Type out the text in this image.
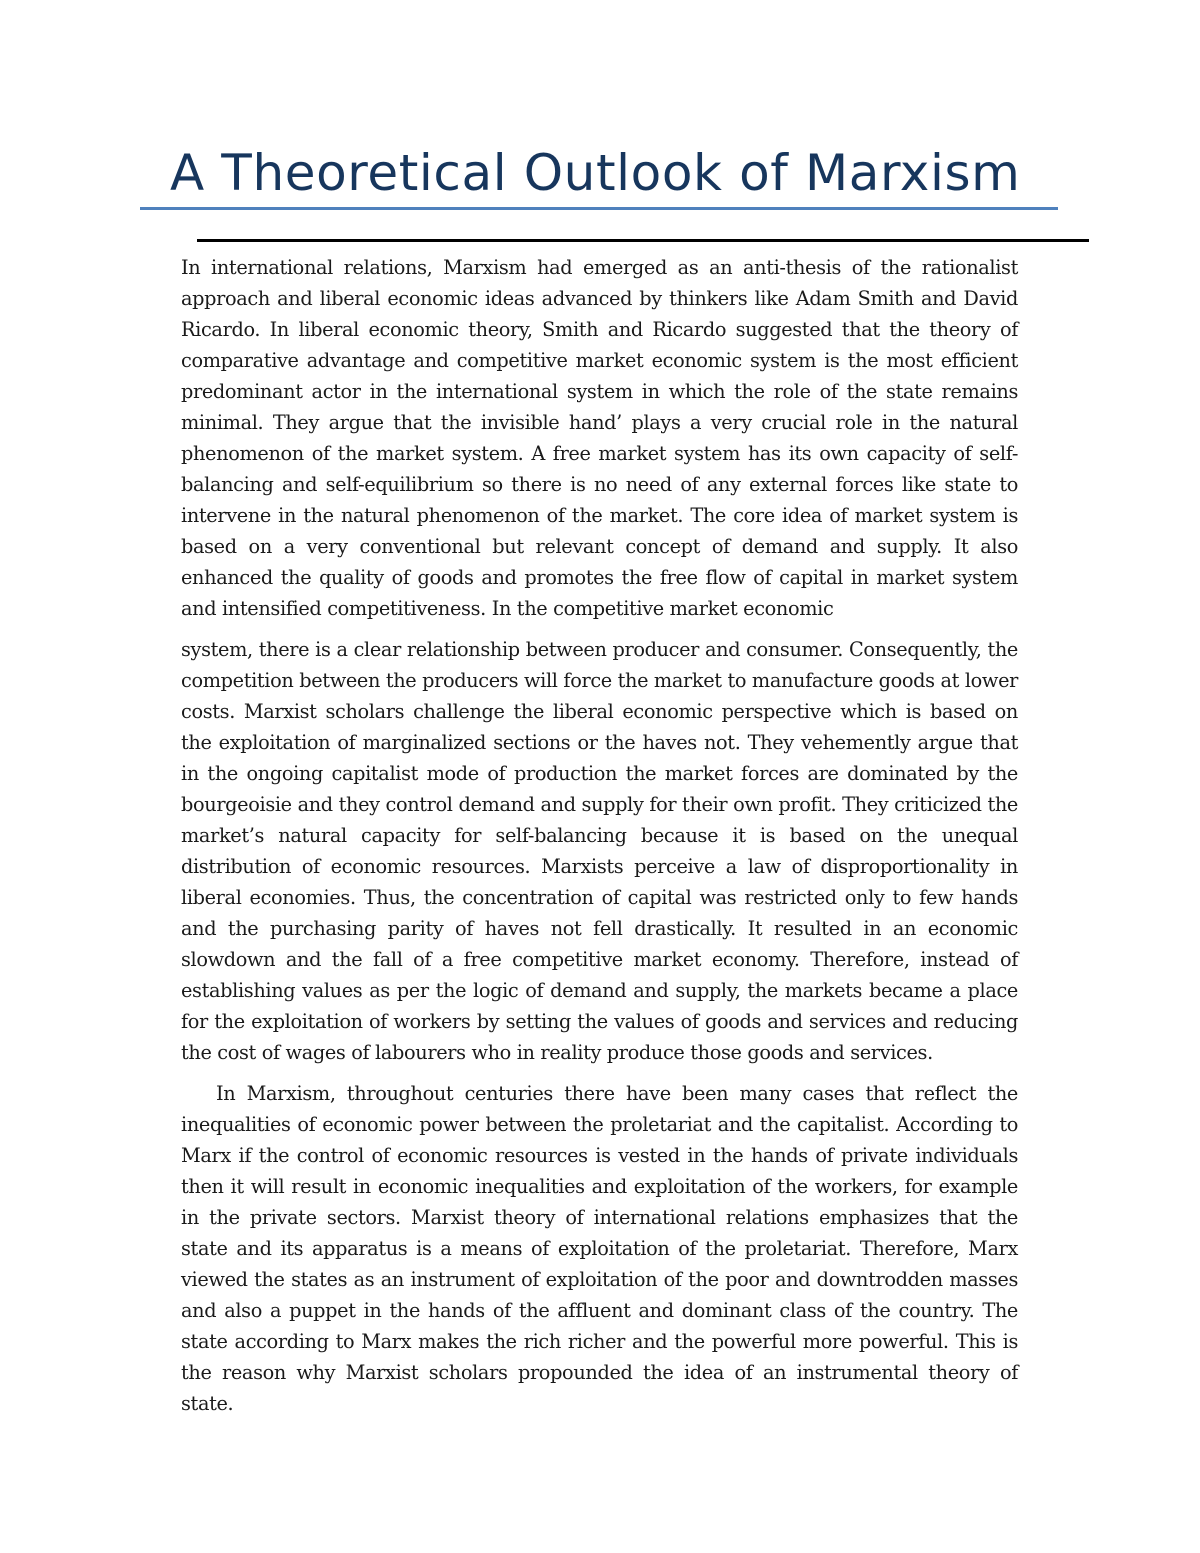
A Theoretical Outlook of Marxism

In international relations, Marxism had emerged as an anti-thesis of the rationalist approach and liberal economic ideas advanced by thinkers like Adam Smith and David Ricardo. In liberal economic theory, Smith and Ricardo suggested that the theory of comparative advantage and competitive market economic system is the most efficient predominant actor in the international system in which the role of the state remains minimal. They argue that the invisible hand’ plays a very crucial role in the natural phenomenon of the market system. A free market system has its own capacity of self-balancing and self-equilibrium so there is no need of any external forces like state to intervene in the natural phenomenon of the market. The core idea of market system is based on a very conventional but relevant concept of demand and supply. It also enhanced the quality of goods and promotes the free flow of capital in market system and intensified competitiveness. In the competitive market economic

system, there is a clear relationship between producer and consumer. Consequently, the competition between the producers will force the market to manufacture goods at lower costs. Marxist scholars challenge the liberal economic perspective which is based on the exploitation of marginalized sections or the haves not. They vehemently argue that in the ongoing capitalist mode of production the market forces are dominated by the bourgeoisie and they control demand and supply for their own profit. They criticized the market’s natural capacity for self-balancing because it is based on the unequal distribution of economic resources. Marxists perceive a law of disproportionality in liberal economies. Thus, the concentration of capital was restricted only to few hands and the purchasing parity of haves not fell drastically. It resulted in an economic slowdown and the fall of a free competitive market economy. Therefore, instead of establishing values as per the logic of demand and supply, the markets became a place for the exploitation of workers by setting the values of goods and services and reducing the cost of wages of labourers who in reality produce those goods and services.

In Marxism, throughout centuries there have been many cases that reflect the inequalities of economic power between the proletariat and the capitalist. According to Marx if the control of economic resources is vested in the hands of private individuals then it will result in economic inequalities and exploitation of the workers, for example in the private sectors. Marxist theory of international relations emphasizes that the state and its apparatus is a means of exploitation of the proletariat. Therefore, Marx viewed the states as an instrument of exploitation of the poor and downtrodden masses and also a puppet in the hands of the affluent and dominant class of the country. The state according to Marx makes the rich richer and the powerful more powerful. This is the reason why Marxist scholars propounded the idea of an instrumental theory of state.
